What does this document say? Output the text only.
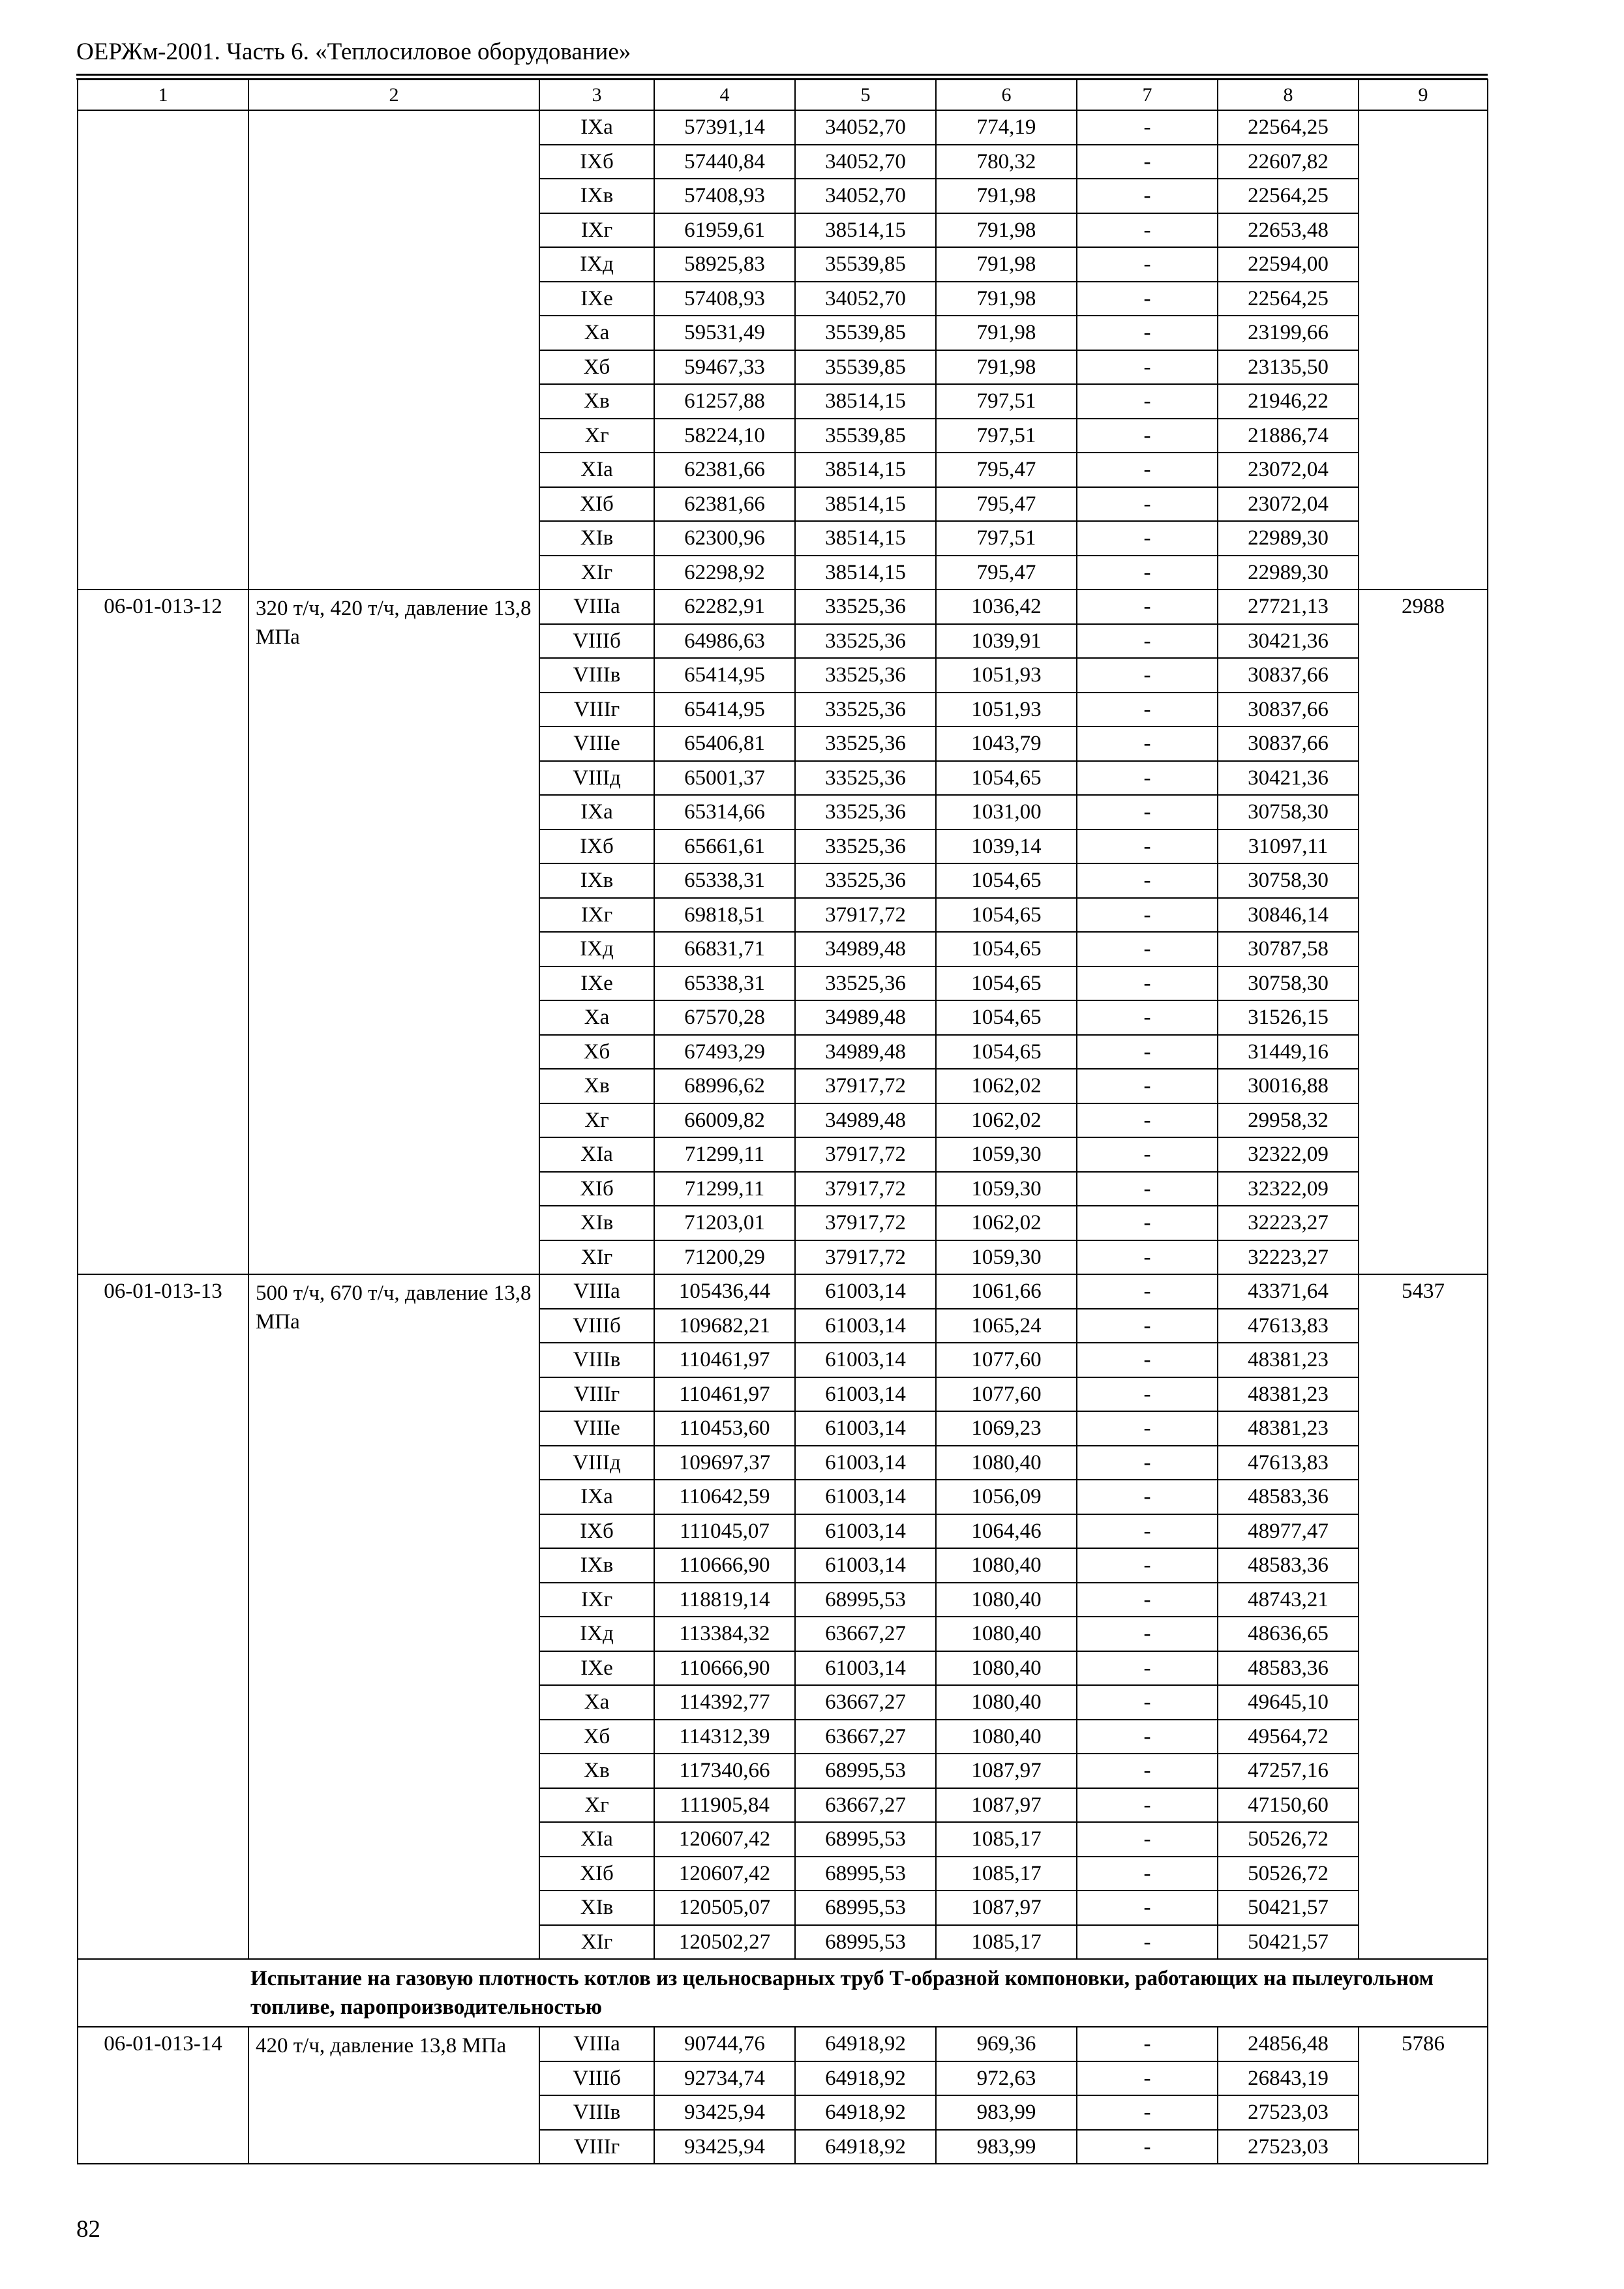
ОЕРЖм-2001. Часть 6. «Теплосиловое оборудование»
1	2	3	4	5	6	7	8	9
		IXа	57391,14	34052,70	774,19	-	22564,25	
		IXб	57440,84	34052,70	780,32	-	22607,82	
		IXв	57408,93	34052,70	791,98	-	22564,25	
		IXг	61959,61	38514,15	791,98	-	22653,48	
		IXд	58925,83	35539,85	791,98	-	22594,00	
		IXе	57408,93	34052,70	791,98	-	22564,25	
		Xа	59531,49	35539,85	791,98	-	23199,66	
		Xб	59467,33	35539,85	791,98	-	23135,50	
		Xв	61257,88	38514,15	797,51	-	21946,22	
		Xг	58224,10	35539,85	797,51	-	21886,74	
		XIа	62381,66	38514,15	795,47	-	23072,04	
		XIб	62381,66	38514,15	795,47	-	23072,04	
		XIв	62300,96	38514,15	797,51	-	22989,30	
		XIг	62298,92	38514,15	795,47	-	22989,30	
06-01-013-12	320 т/ч, 420 т/ч, давление 13,8 МПа	VIIIа	62282,91	33525,36	1036,42	-	27721,13	2988
		VIIIб	64986,63	33525,36	1039,91	-	30421,36	
		VIIIв	65414,95	33525,36	1051,93	-	30837,66	
		VIIIг	65414,95	33525,36	1051,93	-	30837,66	
		VIIIе	65406,81	33525,36	1043,79	-	30837,66	
		VIIIд	65001,37	33525,36	1054,65	-	30421,36	
		IXа	65314,66	33525,36	1031,00	-	30758,30	
		IXб	65661,61	33525,36	1039,14	-	31097,11	
		IXв	65338,31	33525,36	1054,65	-	30758,30	
		IXг	69818,51	37917,72	1054,65	-	30846,14	
		IXд	66831,71	34989,48	1054,65	-	30787,58	
		IXе	65338,31	33525,36	1054,65	-	30758,30	
		Xа	67570,28	34989,48	1054,65	-	31526,15	
		Xб	67493,29	34989,48	1054,65	-	31449,16	
		Xв	68996,62	37917,72	1062,02	-	30016,88	
		Xг	66009,82	34989,48	1062,02	-	29958,32	
		XIа	71299,11	37917,72	1059,30	-	32322,09	
		XIб	71299,11	37917,72	1059,30	-	32322,09	
		XIв	71203,01	37917,72	1062,02	-	32223,27	
		XIг	71200,29	37917,72	1059,30	-	32223,27	
06-01-013-13	500 т/ч, 670 т/ч, давление 13,8 МПа	VIIIа	105436,44	61003,14	1061,66	-	43371,64	5437
		VIIIб	109682,21	61003,14	1065,24	-	47613,83	
		VIIIв	110461,97	61003,14	1077,60	-	48381,23	
		VIIIг	110461,97	61003,14	1077,60	-	48381,23	
		VIIIе	110453,60	61003,14	1069,23	-	48381,23	
		VIIIд	109697,37	61003,14	1080,40	-	47613,83	
		IXа	110642,59	61003,14	1056,09	-	48583,36	
		IXб	111045,07	61003,14	1064,46	-	48977,47	
		IXв	110666,90	61003,14	1080,40	-	48583,36	
		IXг	118819,14	68995,53	1080,40	-	48743,21	
		IXд	113384,32	63667,27	1080,40	-	48636,65	
		IXе	110666,90	61003,14	1080,40	-	48583,36	
		Xа	114392,77	63667,27	1080,40	-	49645,10	
		Xб	114312,39	63667,27	1080,40	-	49564,72	
		Xв	117340,66	68995,53	1087,97	-	47257,16	
		Xг	111905,84	63667,27	1087,97	-	47150,60	
		XIа	120607,42	68995,53	1085,17	-	50526,72	
		XIб	120607,42	68995,53	1085,17	-	50526,72	
		XIв	120505,07	68995,53	1087,97	-	50421,57	
		XIг	120502,27	68995,53	1085,17	-	50421,57	
Испытание на газовую плотность котлов из цельносварных труб Т-образной компоновки, работающих на пылеугольном топливе, паропроизводительностью								
06-01-013-14	420 т/ч, давление 13,8 МПа	VIIIа	90744,76	64918,92	969,36	-	24856,48	5786
		VIIIб	92734,74	64918,92	972,63	-	26843,19	
		VIIIв	93425,94	64918,92	983,99	-	27523,03	
		VIIIг	93425,94	64918,92	983,99	-	27523,03	
82
